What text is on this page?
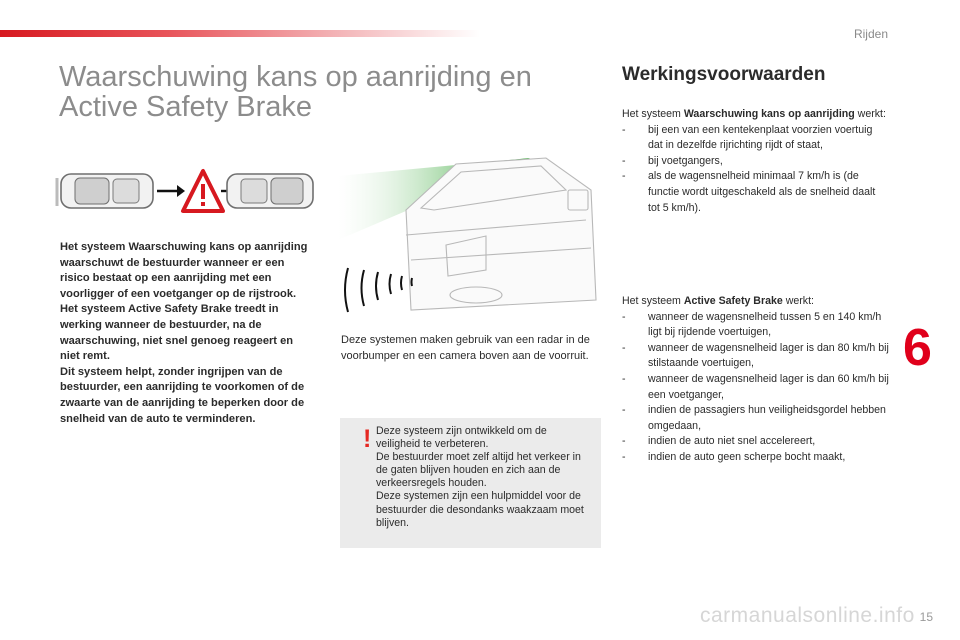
Rijden
Waarschuwing kans op aanrijding en Active Safety Brake
Werkingsvoorwaarden

Het systeem Waarschuwing kans op aanrijding waarschuwt de bestuurder wanneer er een risico bestaat op een aanrijding met een voorligger of een voetganger op de rijstrook.

Het systeem Active Safety Brake treedt in werking wanneer de bestuurder, na de waarschuwing, niet snel genoeg reageert en niet remt.

Dit systeem helpt, zonder ingrijpen van de bestuurder, een aanrijding te voorkomen of de zwaarte van de aanrijding te beperken door de snelheid van de auto te verminderen.

Deze systemen maken gebruik van een radar in de voorbumper en een camera boven aan de voorruit.

! Deze systeem zijn ontwikkeld om de veiligheid te verbeteren.

De bestuurder moet zelf altijd het verkeer in de gaten blijven houden en zich aan de verkeersregels houden.

Deze systemen zijn een hulpmiddel voor de bestuurder die desondanks waakzaam moet blijven.

Het systeem Waarschuwing kans op aanrijding werkt:

- bij een van een kentekenplaat voorzien voertuig dat in dezelfde rijrichting rijdt of staat,
- bij voetgangers,
- als de wagensnelheid minimaal 7 km/h is (de functie wordt uitgeschakeld als de snelheid daalt tot 5 km/h).

Het systeem Active Safety Brake werkt:

- wanneer de wagensnelheid tussen 5 en 140 km/h ligt bij rijdende voertuigen,
- wanneer de wagensnelheid lager is dan 80 km/h bij stilstaande voertuigen,
- wanneer de wagensnelheid lager is dan 60 km/h bij een voetganger,
- indien de passagiers hun veiligheidsgordel hebben omgedaan,
- indien de auto niet snel accelereert,
- indien de auto geen scherpe bocht maakt,
6
carmanualsonline.info 15
